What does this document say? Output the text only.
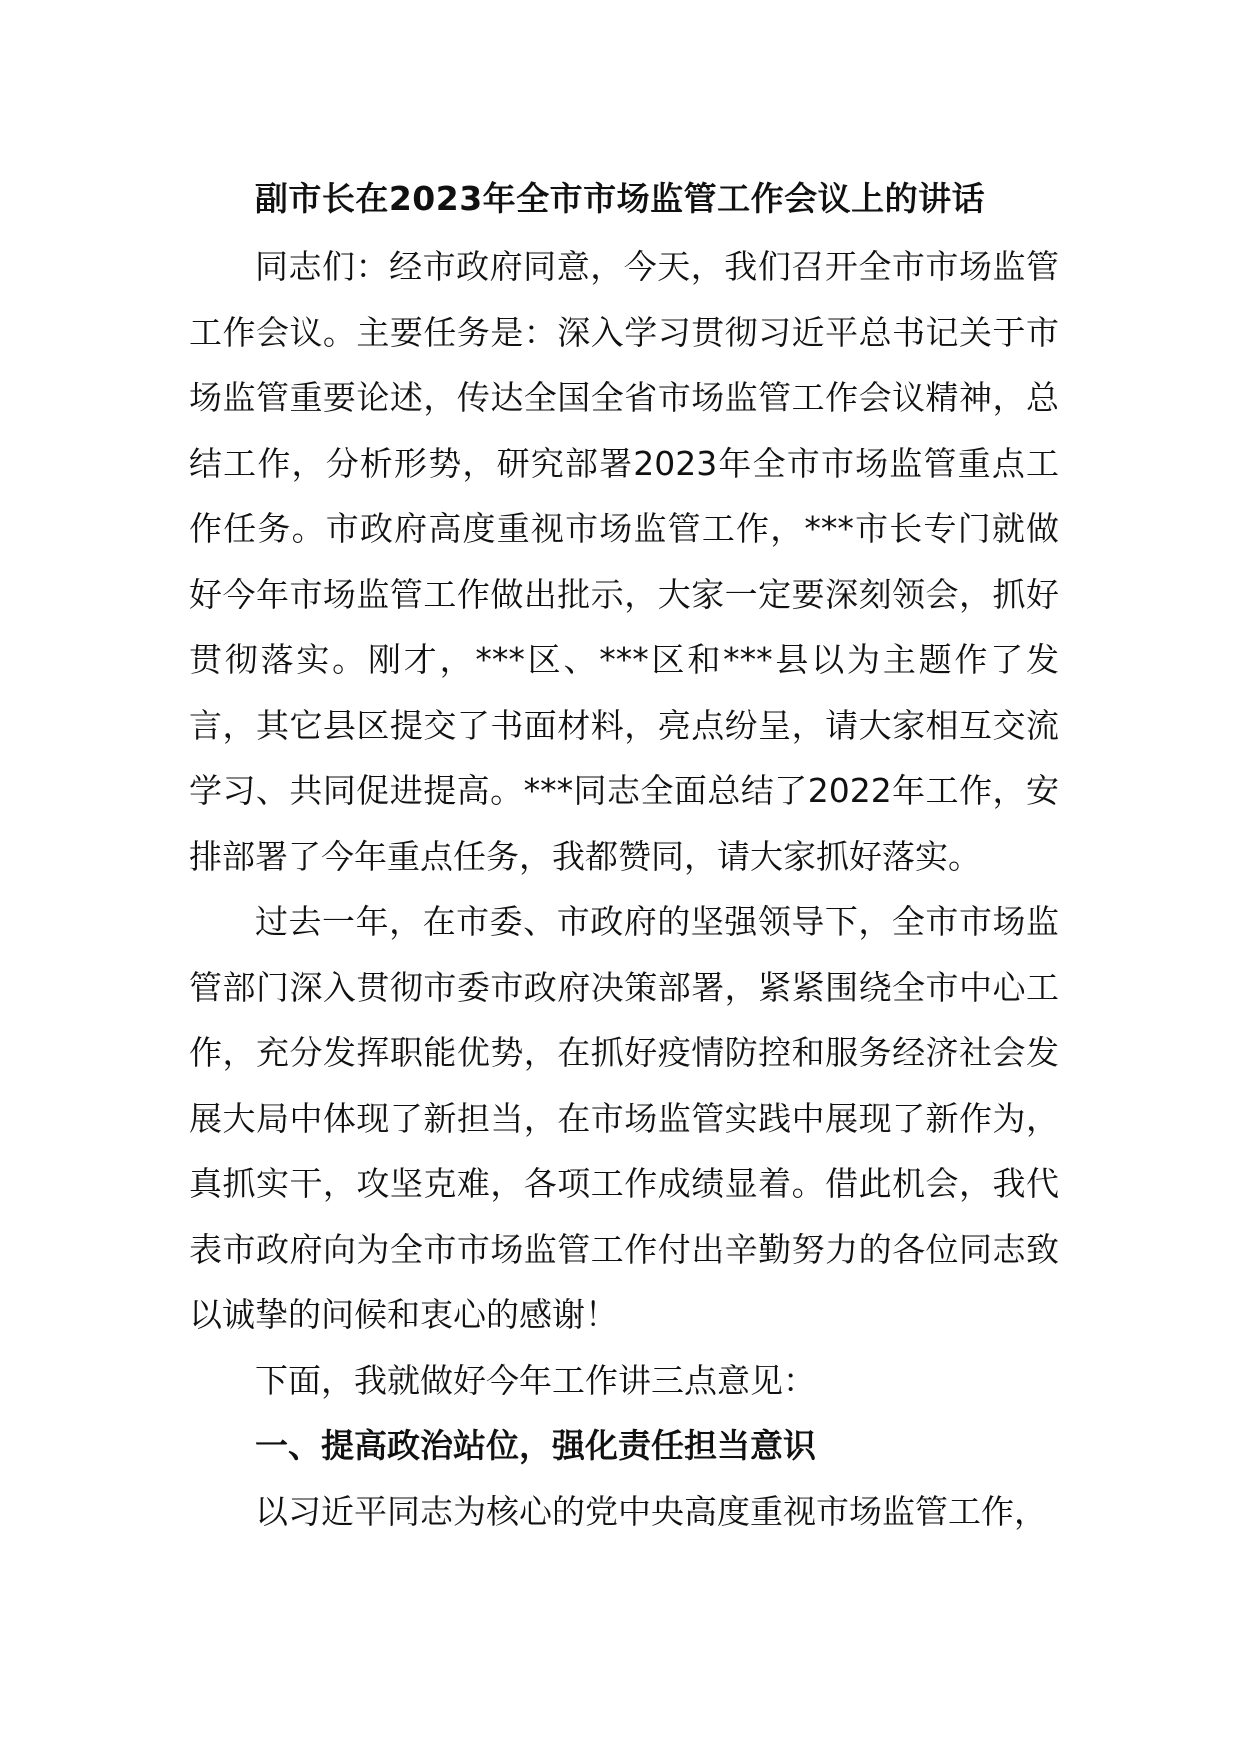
副市长在2023年全市市场监管工作会议上的讲话

同志们：经市政府同意，今天，我们召开全市市场监管工作会议。主要任务是：深入学习贯彻习近平总书记关于市场监管重要论述，传达全国全省市场监管工作会议精神，总结工作，分析形势，研究部署2023年全市市场监管重点工作任务。市政府高度重视市场监管工作，***市长专门就做好今年市场监管工作做出批示，大家一定要深刻领会，抓好贯彻落实。刚才，***区、***区和***县以为主题作了发言，其它县区提交了书面材料，亮点纷呈，请大家相互交流学习、共同促进提高。***同志全面总结了2022年工作，安排部署了今年重点任务，我都赞同，请大家抓好落实。

过去一年，在市委、市政府的坚强领导下，全市市场监管部门深入贯彻市委市政府决策部署，紧紧围绕全市中心工作，充分发挥职能优势，在抓好疫情防控和服务经济社会发展大局中体现了新担当，在市场监管实践中展现了新作为，真抓实干，攻坚克难，各项工作成绩显着。借此机会，我代表市政府向为全市市场监管工作付出辛勤努力的各位同志致以诚挚的问候和衷心的感谢！

下面，我就做好今年工作讲三点意见：

一、提高政治站位，强化责任担当意识

以习近平同志为核心的党中央高度重视市场监管工作，
